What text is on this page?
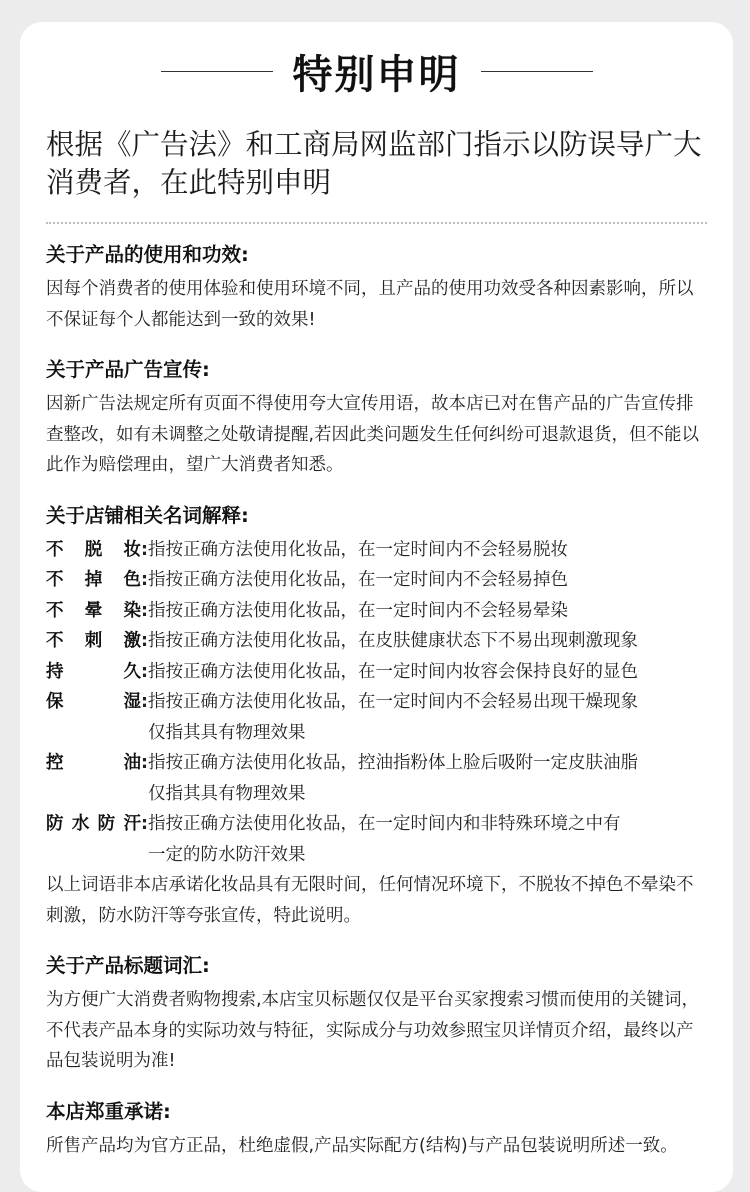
特别申明
根据《广告法》和工商局网监部门指示以防误导广大消费者，在此特别申明
关于产品的使用和功效:
因每个消费者的使用体验和使用环境不同，且产品的使用功效受各种因素影响，所以不保证每个人都能达到一致的效果!
关于产品广告宣传:
因新广告法规定所有页面不得使用夸大宣传用语，故本店已对在售产品的广告宣传排查整改，如有未调整之处敬请提醒,若因此类问题发生任何纠纷可退款退货，但不能以此作为赔偿理由，望广大消费者知悉。
关于店铺相关名词解释:
不脱妆 : 指按正确方法使用化妆品，在一定时间内不会轻易脱妆
不掉色 : 指按正确方法使用化妆品，在一定时间内不会轻易掉色
不晕染 : 指按正确方法使用化妆品，在一定时间内不会轻易晕染
不刺激 : 指按正确方法使用化妆品，在皮肤健康状态下不易出现刺激现象
持久 : 指按正确方法使用化妆品，在一定时间内妆容会保持良好的显色
保湿 : 指按正确方法使用化妆品，在一定时间内不会轻易出现干燥现象
仅指其具有物理效果
控油 : 指按正确方法使用化妆品，控油指粉体上脸后吸附一定皮肤油脂
仅指其具有物理效果
防水防汗 : 指按正确方法使用化妆品，在一定时间内和非特殊环境之中有
一定的防水防汗效果
以上词语非本店承诺化妆品具有无限时间，任何情况环境下，不脱妆不掉色不晕染不刺激，防水防汗等夸张宣传，特此说明。
关于产品标题词汇:
为方便广大消费者购物搜索,本店宝贝标题仅仅是平台买家搜索习惯而使用的关键词，不代表产品本身的实际功效与特征，实际成分与功效参照宝贝详情页介绍，最终以产品包装说明为准!
本店郑重承诺:
所售产品均为官方正品，杜绝虚假,产品实际配方(结构)与产品包装说明所述一致。
